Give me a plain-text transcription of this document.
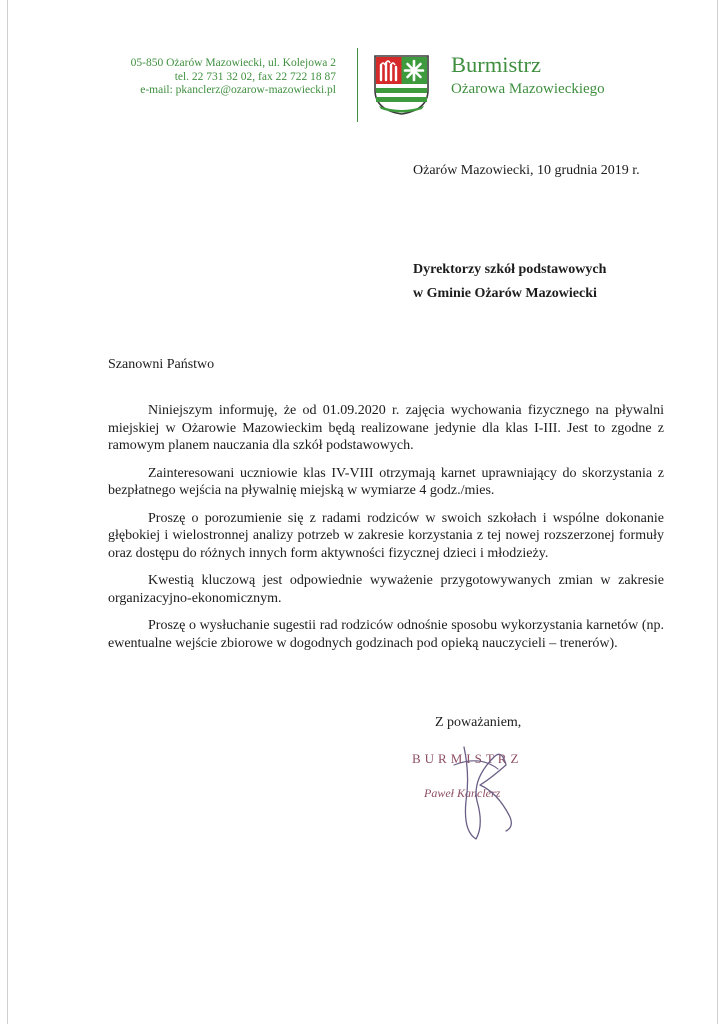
05-850 Ożarów Mazowiecki, ul. Kolejowa 2
tel. 22 731 32 02, fax 22 722 18 87
e-mail: pkanclerz@ozarow-mazowiecki.pl
Burmistrz
Ożarowa Mazowieckiego
Ożarów Mazowiecki, 10 grudnia 2019 r.
Dyrektorzy szkół podstawowych
w Gminie Ożarów Mazowiecki
Szanowni Państwo

Niniejszym informuję, że od 01.09.2020 r. zajęcia wychowania fizycznego na pływalni miejskiej w Ożarowie Mazowieckim będą realizowane jedynie dla klas I-III. Jest to zgodne z ramowym planem nauczania dla szkół podstawowych.

Zainteresowani uczniowie klas IV-VIII otrzymają karnet uprawniający do skorzystania z bezpłatnego wejścia na pływalnię miejską w wymiarze 4 godz./mies.

Proszę o porozumienie się z radami rodziców w swoich szkołach i wspólne dokonanie głębokiej i wielostronnej analizy potrzeb w zakresie korzystania z tej nowej rozszerzonej formuły oraz dostępu do różnych innych form aktywności fizycznej dzieci i młodzieży.

Kwestią kluczową jest odpowiednie wyważenie przygotowywanych zmian w zakresie organizacyjno-ekonomicznym.

Proszę o wysłuchanie sugestii rad rodziców odnośnie sposobu wykorzystania karnetów (np. ewentualne wejście zbiorowe w dogodnych godzinach pod opieką nauczycieli – trenerów).

Z poważaniem,
BURMISTRZ
Paweł Kanclerz
